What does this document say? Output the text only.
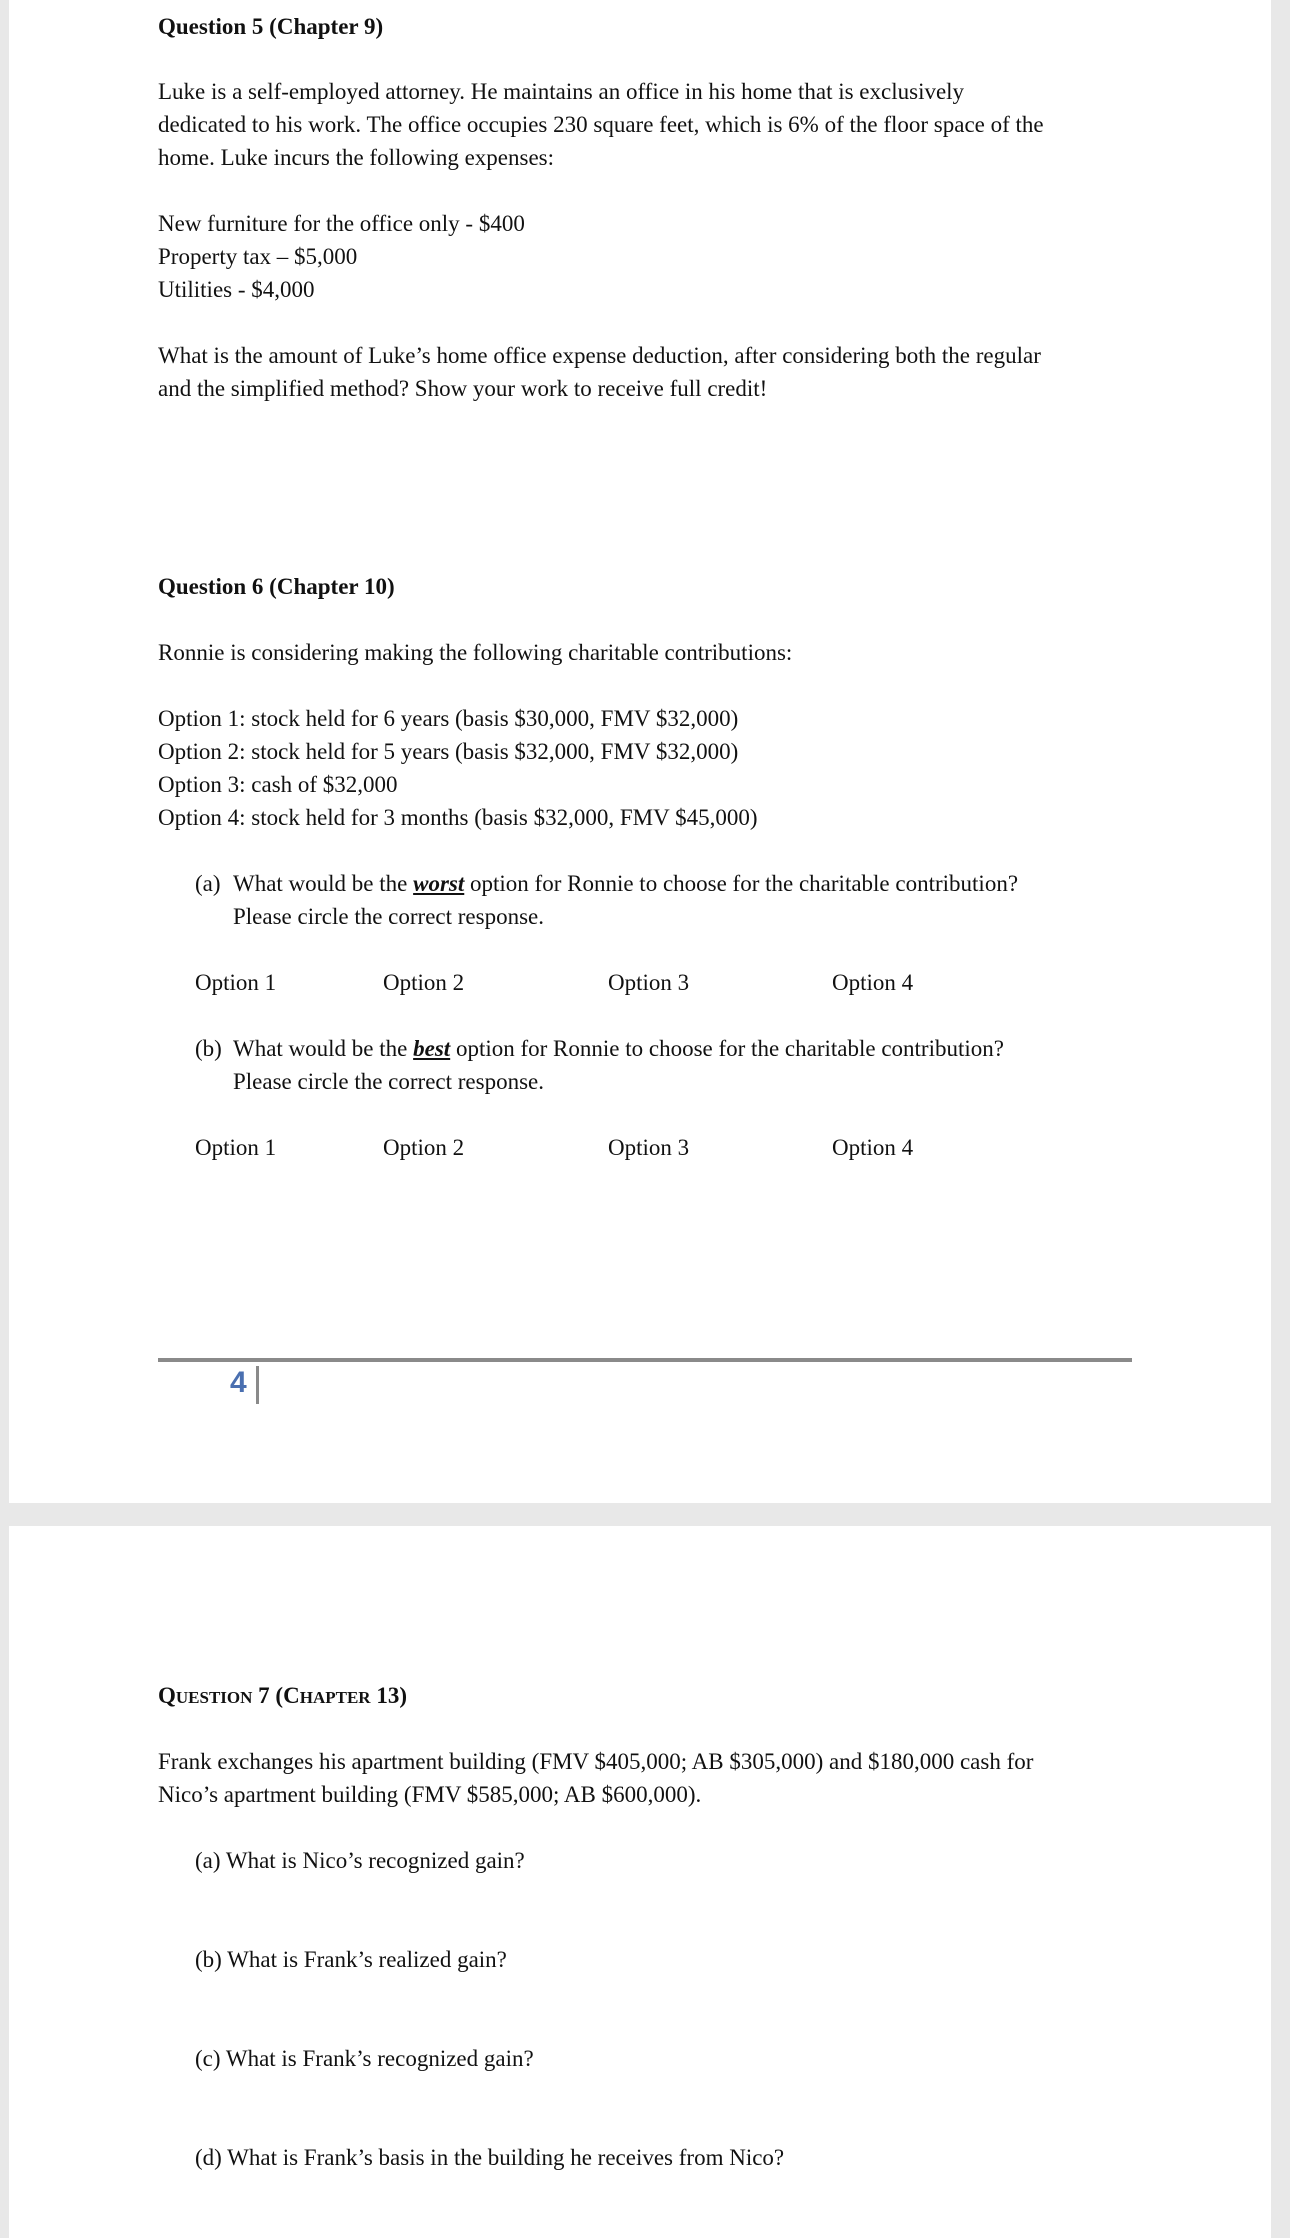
Question 5 (Chapter 9)
Luke is a self-employed attorney. He maintains an office in his home that is exclusively
dedicated to his work. The office occupies 230 square feet, which is 6% of the floor space of the
home. Luke incurs the following expenses:
New furniture for the office only - $400
Property tax – $5,000
Utilities - $4,000
What is the amount of Luke’s home office expense deduction, after considering both the regular
and the simplified method? Show your work to receive full credit!
Question 6 (Chapter 10)
Ronnie is considering making the following charitable contributions:
Option 1: stock held for 6 years (basis $30,000, FMV $32,000)
Option 2: stock held for 5 years (basis $32,000, FMV $32,000)
Option 3: cash of $32,000
Option 4: stock held for 3 months (basis $32,000, FMV $45,000)
(a) What would be the worst option for Ronnie to choose for the charitable contribution?
Please circle the correct response.
Option 1	Option 2	Option 3	Option 4
(b) What would be the best option for Ronnie to choose for the charitable contribution?
Please circle the correct response.
Option 1	Option 2	Option 3	Option 4
4
QUESTION 7 (CHAPTER 13)
Frank exchanges his apartment building (FMV $405,000; AB $305,000) and $180,000 cash for
Nico’s apartment building (FMV $585,000; AB $600,000).
(a) What is Nico’s recognized gain?
(b) What is Frank’s realized gain?
(c) What is Frank’s recognized gain?
(d) What is Frank’s basis in the building he receives from Nico?
